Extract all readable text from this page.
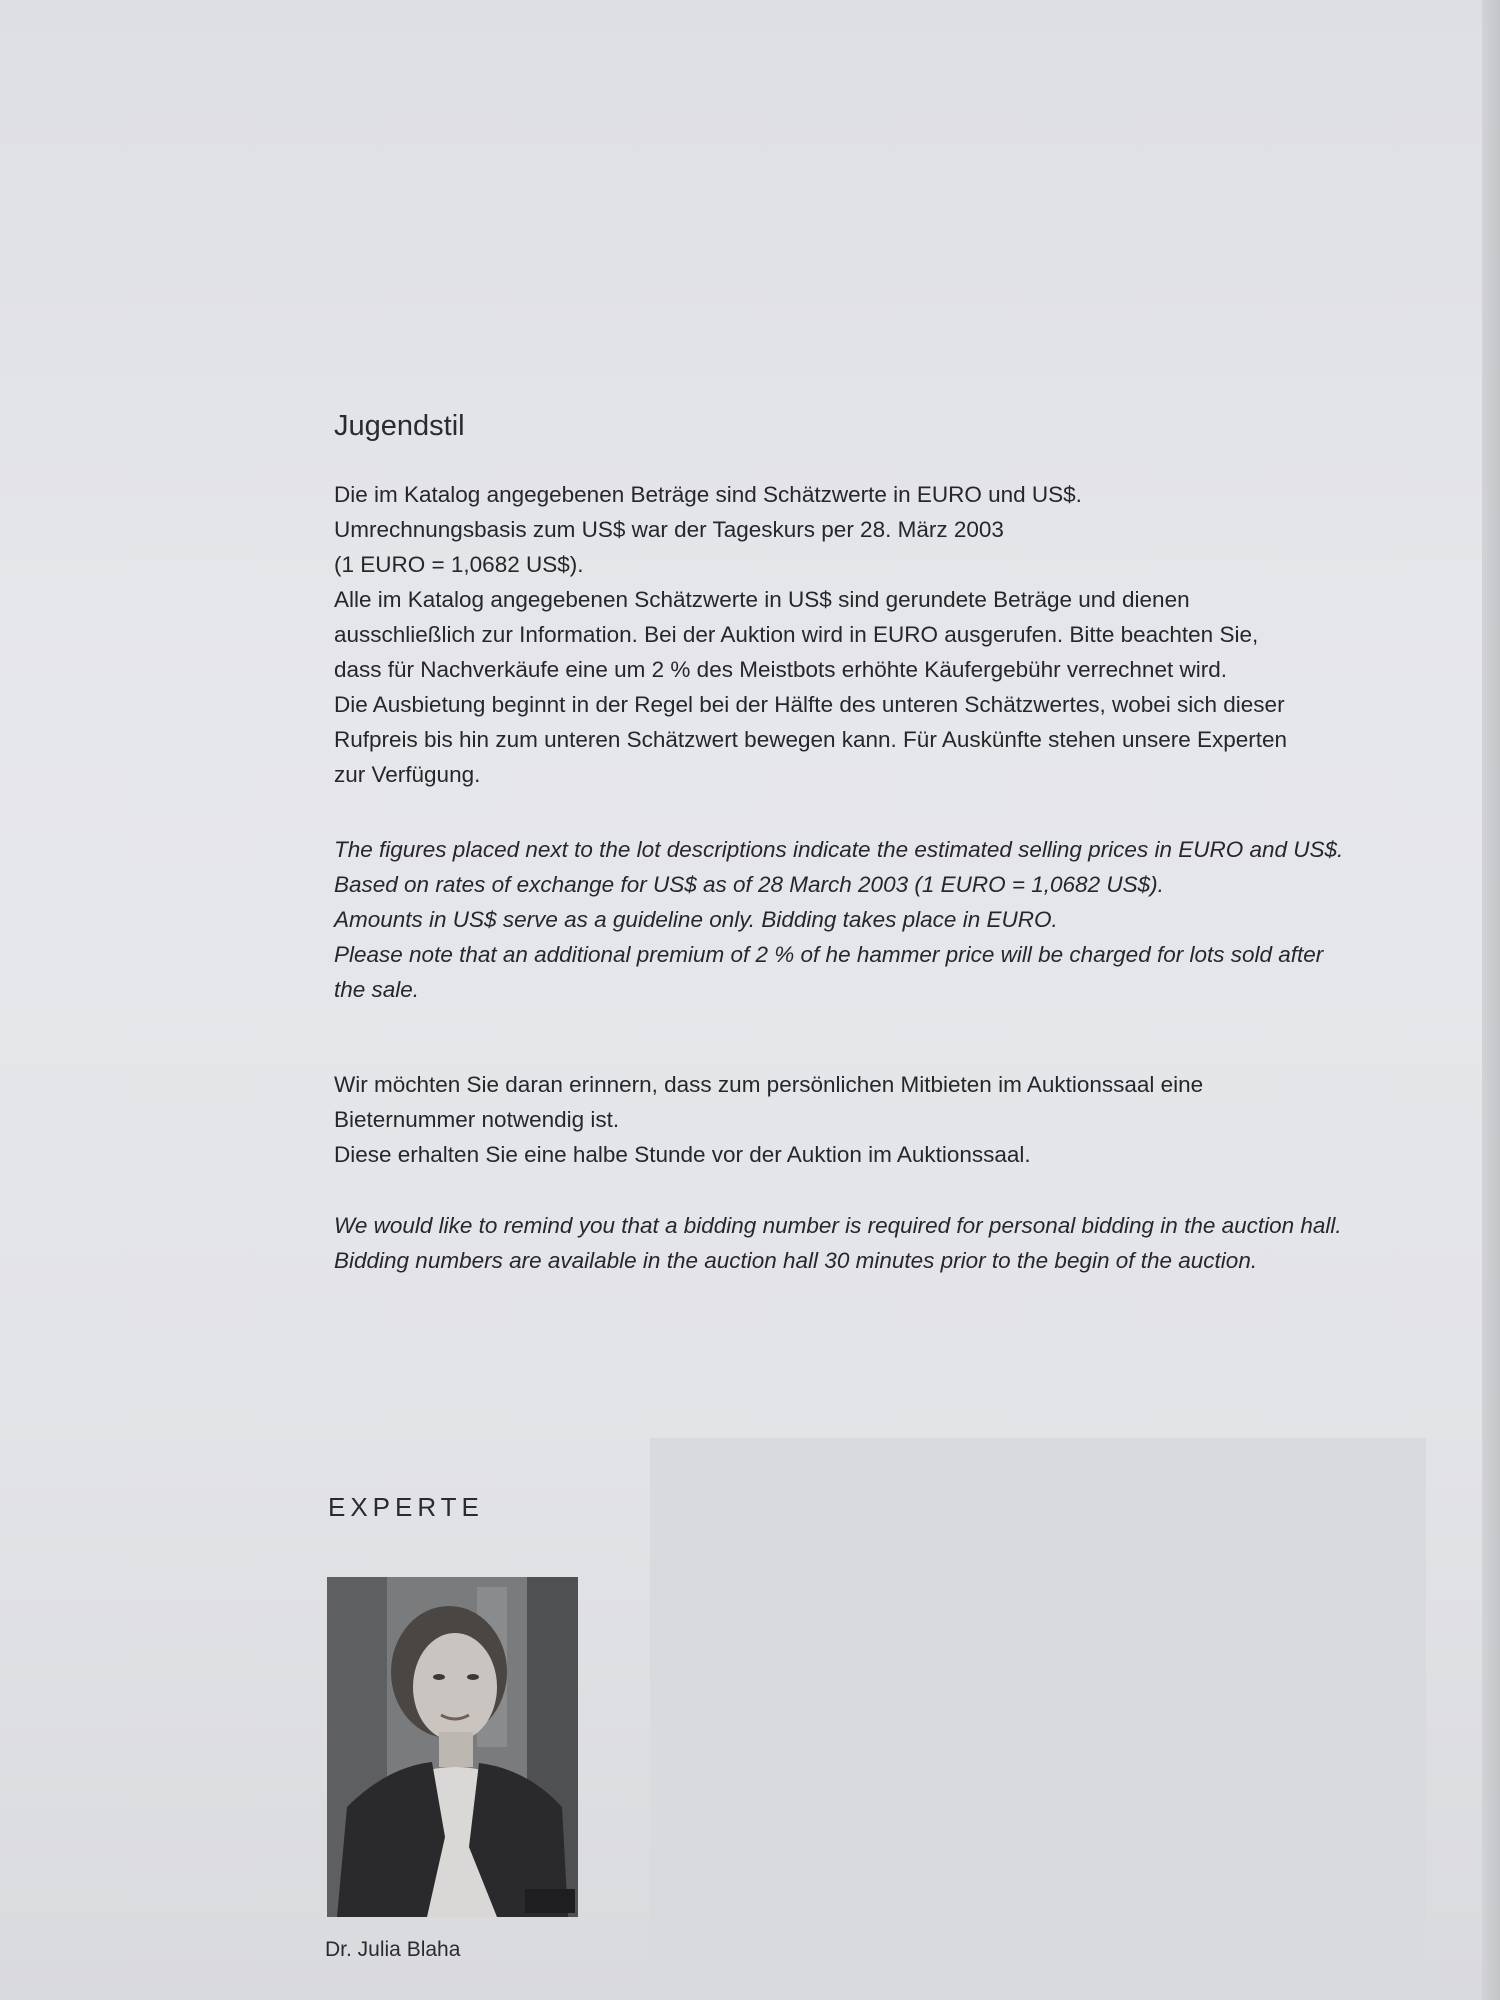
Jugendstil

Die im Katalog angegebenen Beträge sind Schätzwerte in EURO und US$.
Umrechnungsbasis zum US$ war der Tageskurs per 28. März 2003
(1 EURO = 1,0682 US$).
Alle im Katalog angegebenen Schätzwerte in US$ sind gerundete Beträge und dienen
ausschließlich zur Information. Bei der Auktion wird in EURO ausgerufen. Bitte beachten Sie,
dass für Nachverkäufe eine um 2 % des Meistbots erhöhte Käufergebühr verrechnet wird.
Die Ausbietung beginnt in der Regel bei der Hälfte des unteren Schätzwertes, wobei sich dieser
Rufpreis bis hin zum unteren Schätzwert bewegen kann. Für Auskünfte stehen unsere Experten
zur Verfügung.

The figures placed next to the lot descriptions indicate the estimated selling prices in EURO and US$.
Based on rates of exchange for US$ as of 28 March 2003 (1 EURO = 1,0682 US$).
Amounts in US$ serve as a guideline only. Bidding takes place in EURO.
Please note that an additional premium of 2 % of he hammer price will be charged for lots sold after
the sale.

Wir möchten Sie daran erinnern, dass zum persönlichen Mitbieten im Auktionssaal eine
Bieternummer notwendig ist.
Diese erhalten Sie eine halbe Stunde vor der Auktion im Auktionssaal.

We would like to remind you that a bidding number is required for personal bidding in the auction hall.
Bidding numbers are available in the auction hall 30 minutes prior to the begin of the auction.

EXPERTE
Dr. Julia Blaha
